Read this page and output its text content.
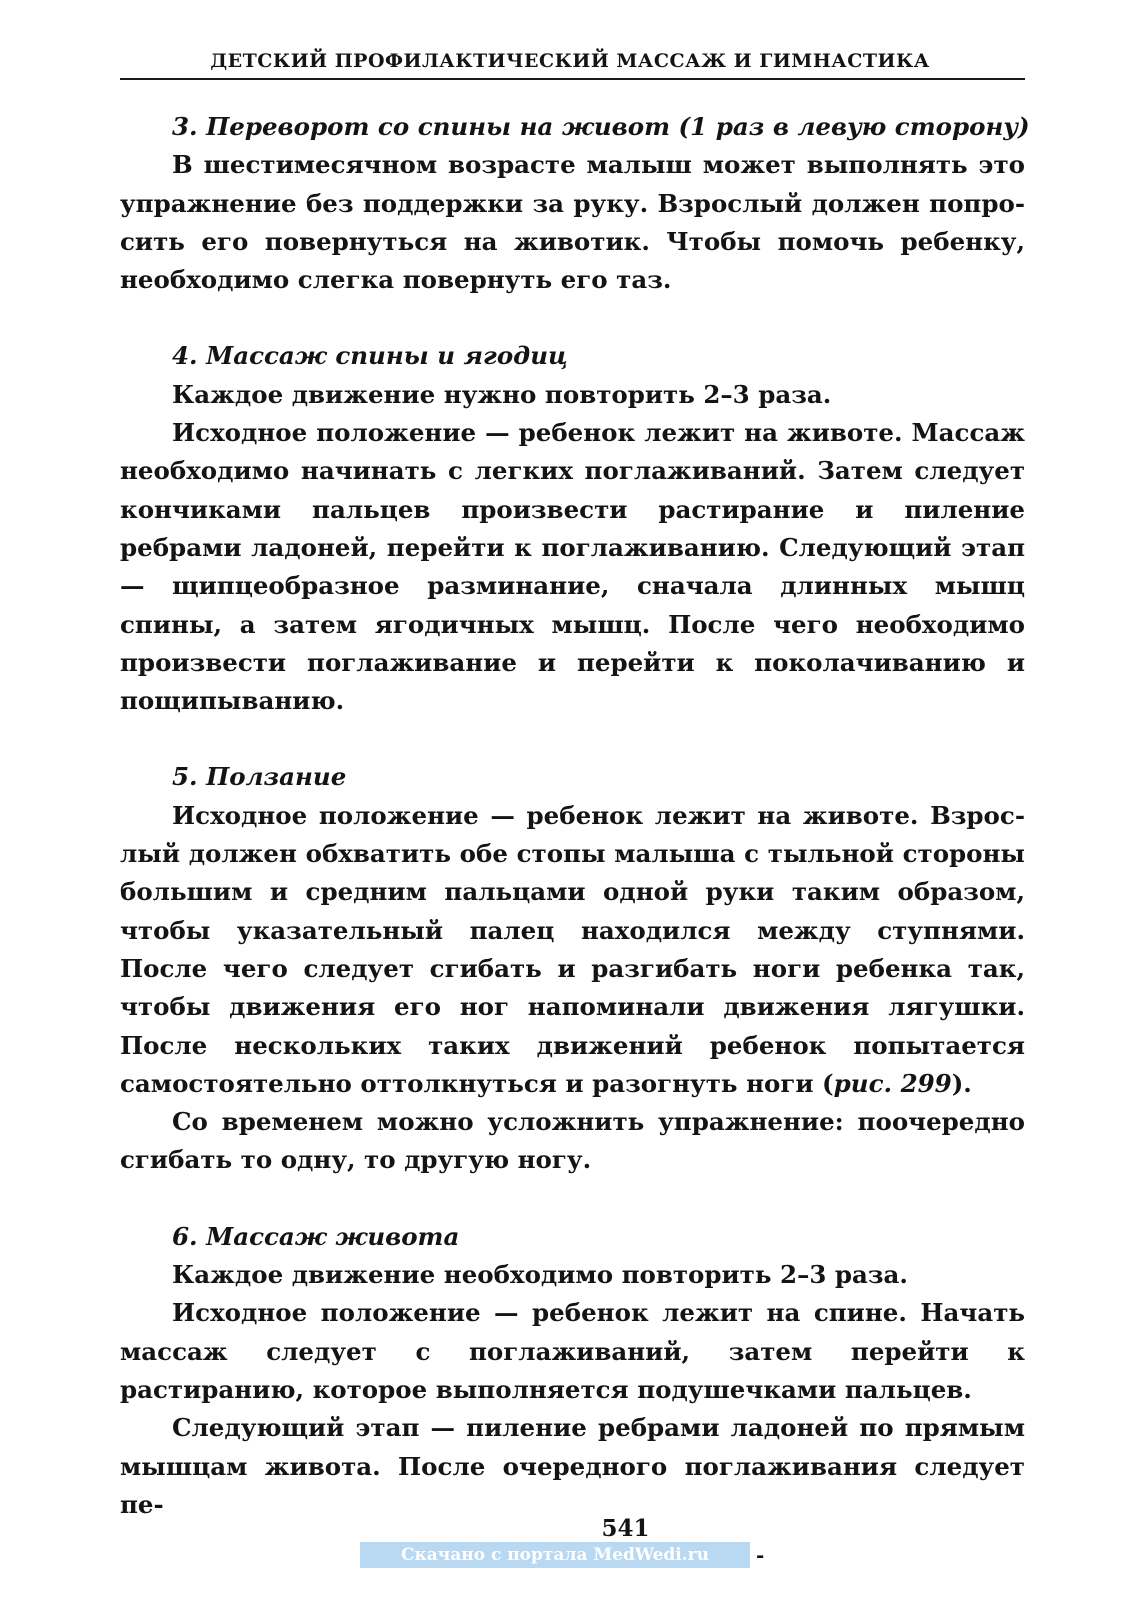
ДЕТСКИЙ ПРОФИЛАКТИЧЕСКИЙ МАССАЖ И ГИМНАСТИКА

3. Переворот со спины на живот (1 раз в левую сторону)

В шестимесячном возрасте малыш может выполнять это упражнение без поддержки за руку. Взрослый должен попросить его повернуться на животик. Чтобы помочь ребенку, необходимо слегка повернуть его таз.

4. Массаж спины и ягодиц

Каждое движение нужно повторить 2–3 раза.

Исходное положение — ребенок лежит на животе. Массаж необходимо начинать с легких поглаживаний. Затем следует кончиками пальцев произвести растирание и пиление ребрами ладоней, перейти к поглаживанию. Следующий этап — щипцеобразное разминание, сначала длинных мышц спины, а затем ягодичных мышц. После чего необходимо произвести поглаживание и перейти к поколачиванию и пощипыванию.

5. Ползание

Исходное положение — ребенок лежит на животе. Взрослый должен обхватить обе стопы малыша с тыльной стороны большим и средним пальцами одной руки таким образом, чтобы указательный палец находился между ступнями. После чего следует сгибать и разгибать ноги ребенка так, чтобы движения его ног напоминали движения лягушки. После нескольких таких движений ребенок попытается самостоятельно оттолкнуться и разогнуть ноги (рис. 299).

Со временем можно усложнить упражнение: поочередно сгибать то одну, то другую ногу.

6. Массаж живота

Каждое движение необходимо повторить 2–3 раза.

Исходное положение — ребенок лежит на спине. Начать массаж следует с поглаживаний, затем перейти к растиранию, которое выполняется подушечками пальцев.

Следующий этап — пиление ребрами ладоней по прямым мышцам живота. После очередного поглаживания следует пе-

541
Скачано с портала MedWedi.ru	-
